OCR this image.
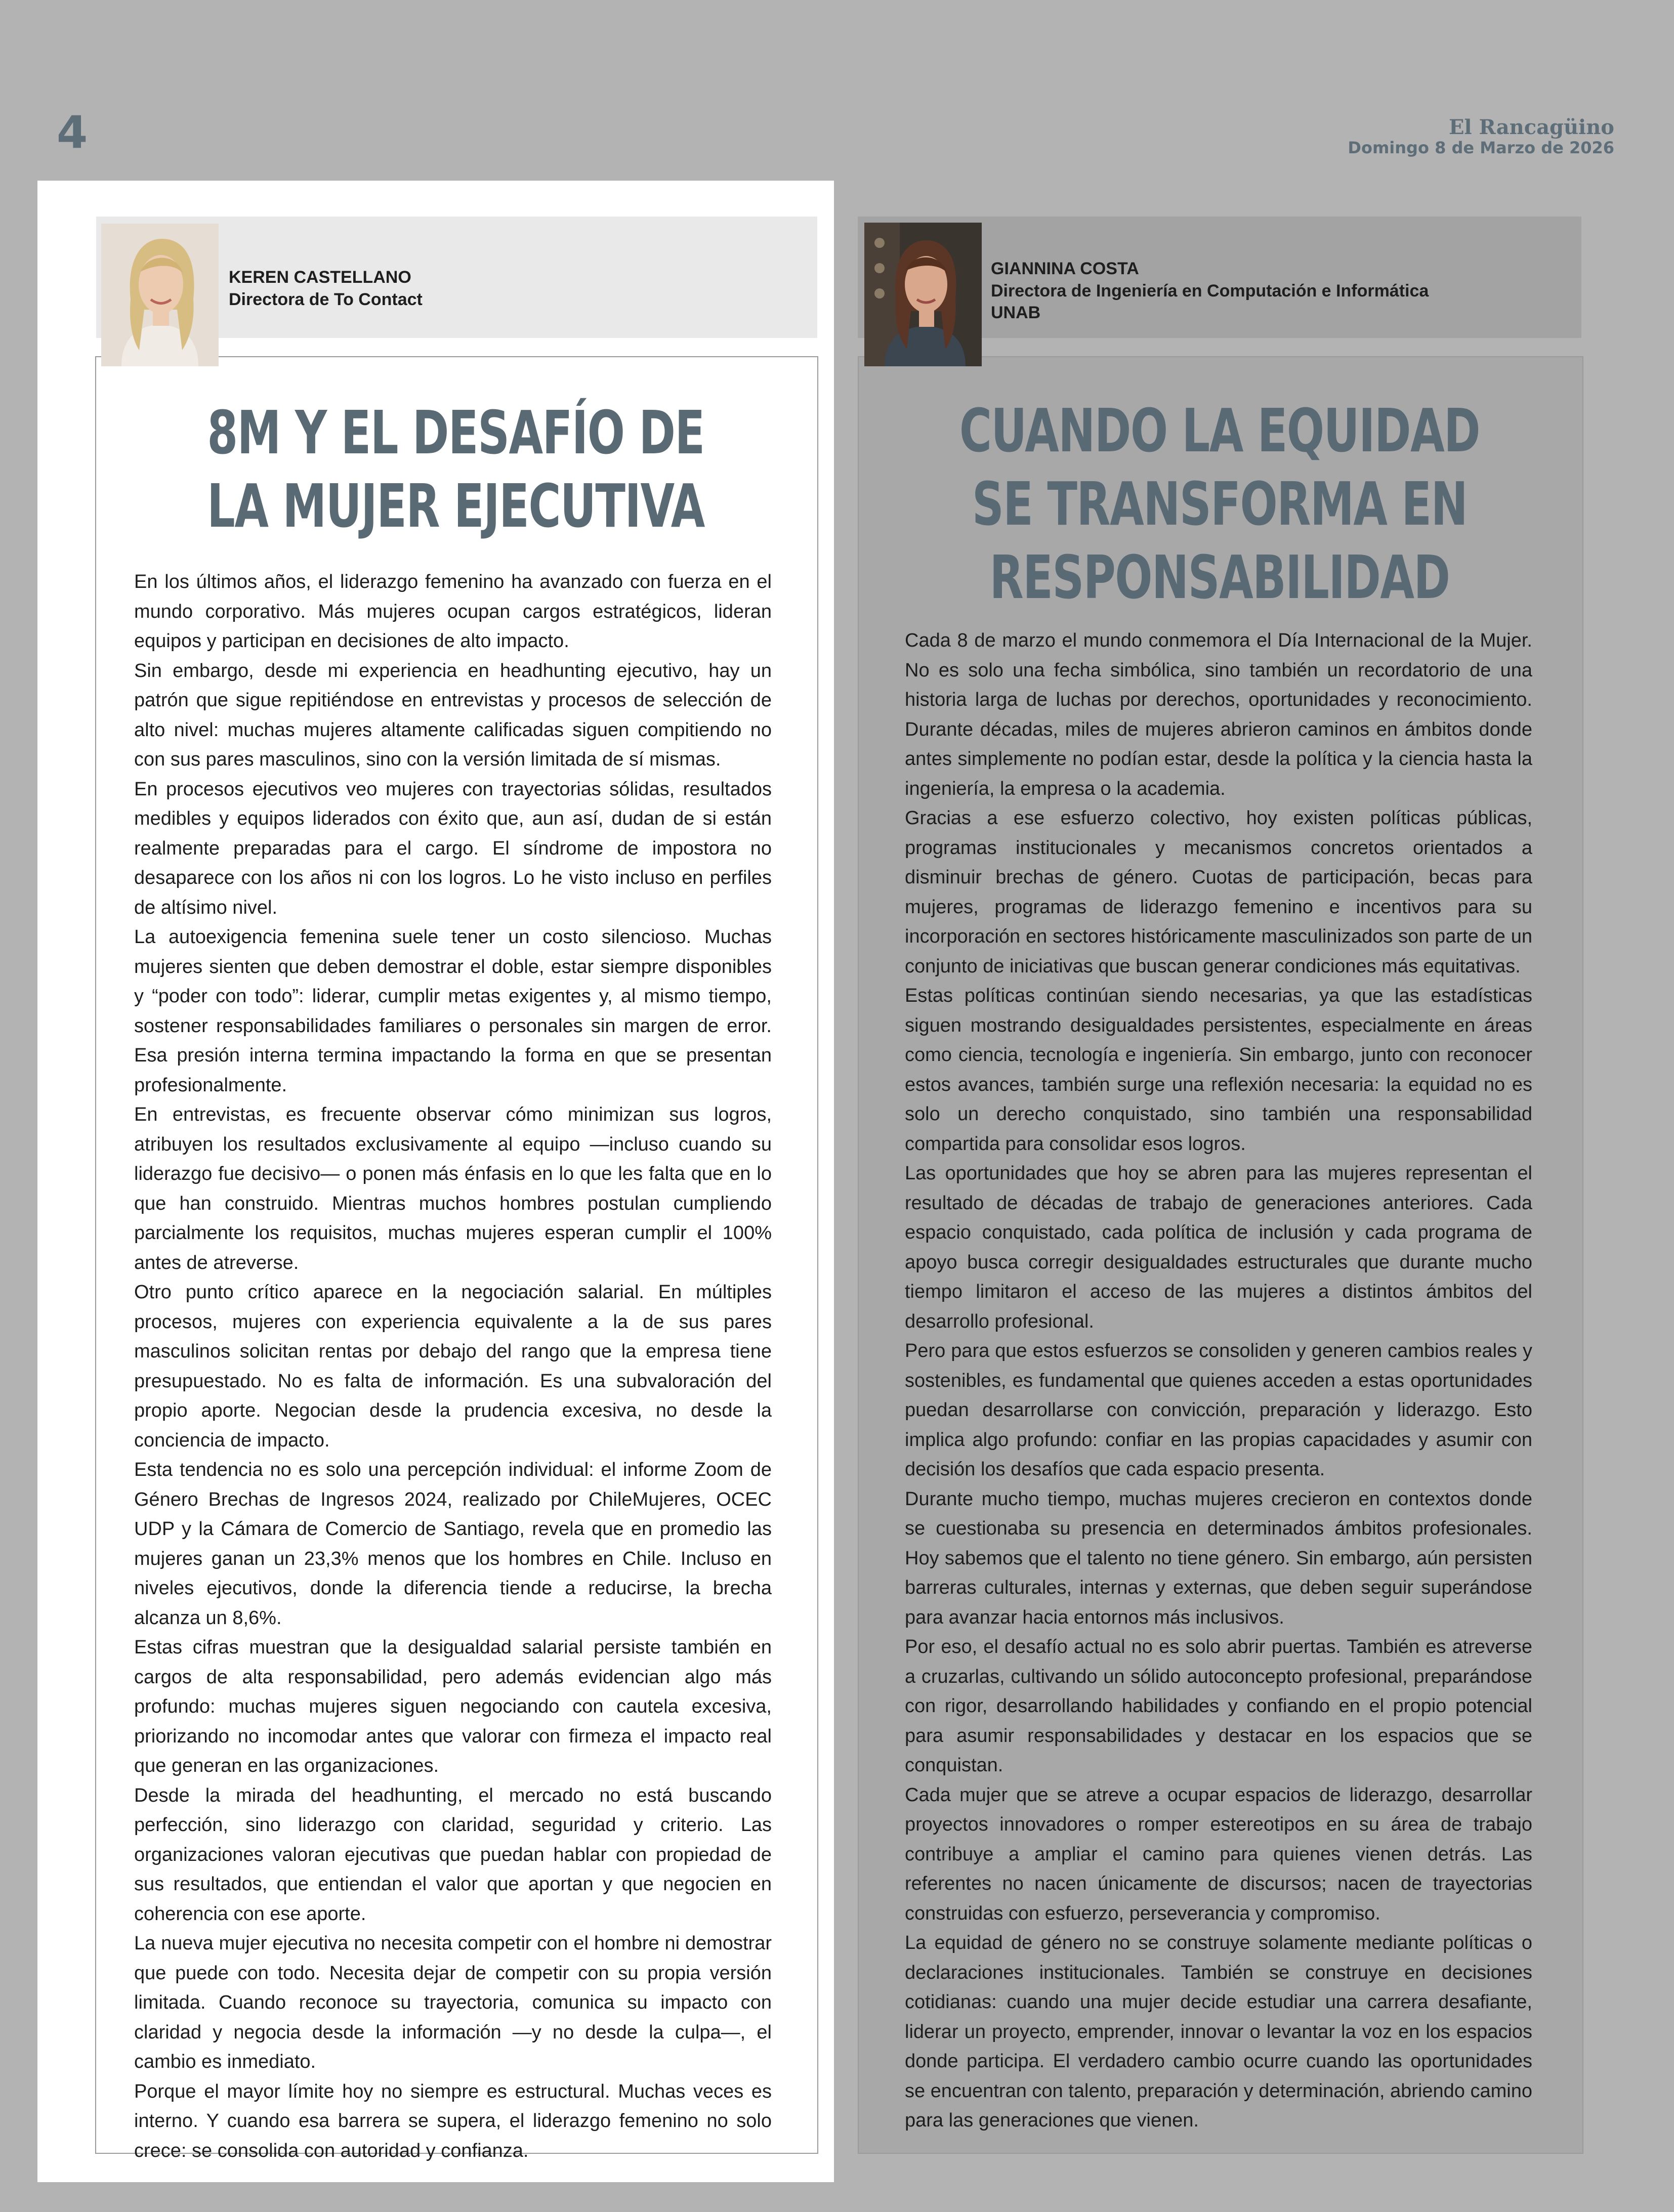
4	El Rancagüino
Domingo 8 de Marzo de 2026
KEREN CASTELLANO
Directora de To Contact
8M Y EL DESAFÍO DE
LA MUJER EJECUTIVA

En los últimos años, el liderazgo femenino ha avanzado con fuerza en el mundo corporativo. Más mujeres ocupan cargos estratégicos, lideran equipos y participan en decisiones de alto impacto.

Sin embargo, desde mi experiencia en headhunting ejecutivo, hay un patrón que sigue repitiéndose en entrevistas y procesos de selección de alto nivel: muchas mujeres altamente calificadas siguen compitiendo no con sus pares masculinos, sino con la versión limitada de sí mismas.

En procesos ejecutivos veo mujeres con trayectorias sólidas, resultados medibles y equipos liderados con éxito que, aun así, dudan de si están realmente preparadas para el cargo. El síndrome de impostora no desaparece con los años ni con los logros. Lo he visto incluso en perfiles de altísimo nivel.

La autoexigencia femenina suele tener un costo silencioso. Muchas mujeres sienten que deben demostrar el doble, estar siempre disponibles y “poder con todo”: liderar, cumplir metas exigentes y, al mismo tiempo, sostener responsabilidades familiares o personales sin margen de error. Esa presión interna termina impactando la forma en que se presentan profesionalmente.

En entrevistas, es frecuente observar cómo minimizan sus logros, atribuyen los resultados exclusivamente al equipo —incluso cuando su liderazgo fue decisivo— o ponen más énfasis en lo que les falta que en lo que han construido. Mientras muchos hombres postulan cumpliendo parcialmente los requisitos, muchas mujeres esperan cumplir el 100% antes de atreverse.

Otro punto crítico aparece en la negociación salarial. En múltiples procesos, mujeres con experiencia equivalente a la de sus pares masculinos solicitan rentas por debajo del rango que la empresa tiene presupuestado. No es falta de información. Es una subvaloración del propio aporte. Negocian desde la prudencia excesiva, no desde la conciencia de impacto.

Esta tendencia no es solo una percepción individual: el informe Zoom de Género Brechas de Ingresos 2024, realizado por ChileMujeres, OCEC UDP y la Cámara de Comercio de Santiago, revela que en promedio las mujeres ganan un 23,3% menos que los hombres en Chile. Incluso en niveles ejecutivos, donde la diferencia tiende a reducirse, la brecha alcanza un 8,6%.

Estas cifras muestran que la desigualdad salarial persiste también en cargos de alta responsabilidad, pero además evidencian algo más profundo: muchas mujeres siguen negociando con cautela excesiva, priorizando no incomodar antes que valorar con firmeza el impacto real que generan en las organizaciones.

Desde la mirada del headhunting, el mercado no está buscando perfección, sino liderazgo con claridad, seguridad y criterio. Las organizaciones valoran ejecutivas que puedan hablar con propiedad de sus resultados, que entiendan el valor que aportan y que negocien en coherencia con ese aporte.

La nueva mujer ejecutiva no necesita competir con el hombre ni demostrar que puede con todo. Necesita dejar de competir con su propia versión limitada. Cuando reconoce su trayectoria, comunica su impacto con claridad y negocia desde la información —y no desde la culpa—, el cambio es inmediato.

Porque el mayor límite hoy no siempre es estructural. Muchas veces es interno. Y cuando esa barrera se supera, el liderazgo femenino no solo crece: se consolida con autoridad y confianza.

GIANNINA COSTA
Directora de Ingeniería en Computación e Informática
UNAB
CUANDO LA EQUIDAD
SE TRANSFORMA EN
RESPONSABILIDAD

Cada 8 de marzo el mundo conmemora el Día Internacional de la Mujer. No es solo una fecha simbólica, sino también un recordatorio de una historia larga de luchas por derechos, oportunidades y reconocimiento. Durante décadas, miles de mujeres abrieron caminos en ámbitos donde antes simplemente no podían estar, desde la política y la ciencia hasta la ingeniería, la empresa o la academia.

Gracias a ese esfuerzo colectivo, hoy existen políticas públicas, programas institucionales y mecanismos concretos orientados a disminuir brechas de género. Cuotas de participación, becas para mujeres, programas de liderazgo femenino e incentivos para su incorporación en sectores históricamente masculinizados son parte de un conjunto de iniciativas que buscan generar condiciones más equitativas.

Estas políticas continúan siendo necesarias, ya que las estadísticas siguen mostrando desigualdades persistentes, especialmente en áreas como ciencia, tecnología e ingeniería. Sin embargo, junto con reconocer estos avances, también surge una reflexión necesaria: la equidad no es solo un derecho conquistado, sino también una responsabilidad compartida para consolidar esos logros.

Las oportunidades que hoy se abren para las mujeres representan el resultado de décadas de trabajo de generaciones anteriores. Cada espacio conquistado, cada política de inclusión y cada programa de apoyo busca corregir desigualdades estructurales que durante mucho tiempo limitaron el acceso de las mujeres a distintos ámbitos del desarrollo profesional.

Pero para que estos esfuerzos se consoliden y generen cambios reales y sostenibles, es fundamental que quienes acceden a estas oportunidades puedan desarrollarse con convicción, preparación y liderazgo. Esto implica algo profundo: confiar en las propias capacidades y asumir con decisión los desafíos que cada espacio presenta.

Durante mucho tiempo, muchas mujeres crecieron en contextos donde se cuestionaba su presencia en determinados ámbitos profesionales. Hoy sabemos que el talento no tiene género. Sin embargo, aún persisten barreras culturales, internas y externas, que deben seguir superándose para avanzar hacia entornos más inclusivos.

Por eso, el desafío actual no es solo abrir puertas. También es atreverse a cruzarlas, cultivando un sólido autoconcepto profesional, preparándose con rigor, desarrollando habilidades y confiando en el propio potencial para asumir responsabilidades y destacar en los espacios que se conquistan.

Cada mujer que se atreve a ocupar espacios de liderazgo, desarrollar proyectos innovadores o romper estereotipos en su área de trabajo contribuye a ampliar el camino para quienes vienen detrás. Las referentes no nacen únicamente de discursos; nacen de trayectorias construidas con esfuerzo, perseverancia y compromiso.

La equidad de género no se construye solamente mediante políticas o declaraciones institucionales. También se construye en decisiones cotidianas: cuando una mujer decide estudiar una carrera desafiante, liderar un proyecto, emprender, innovar o levantar la voz en los espacios donde participa. El verdadero cambio ocurre cuando las oportunidades se encuentran con talento, preparación y determinación, abriendo camino para las generaciones que vienen.
